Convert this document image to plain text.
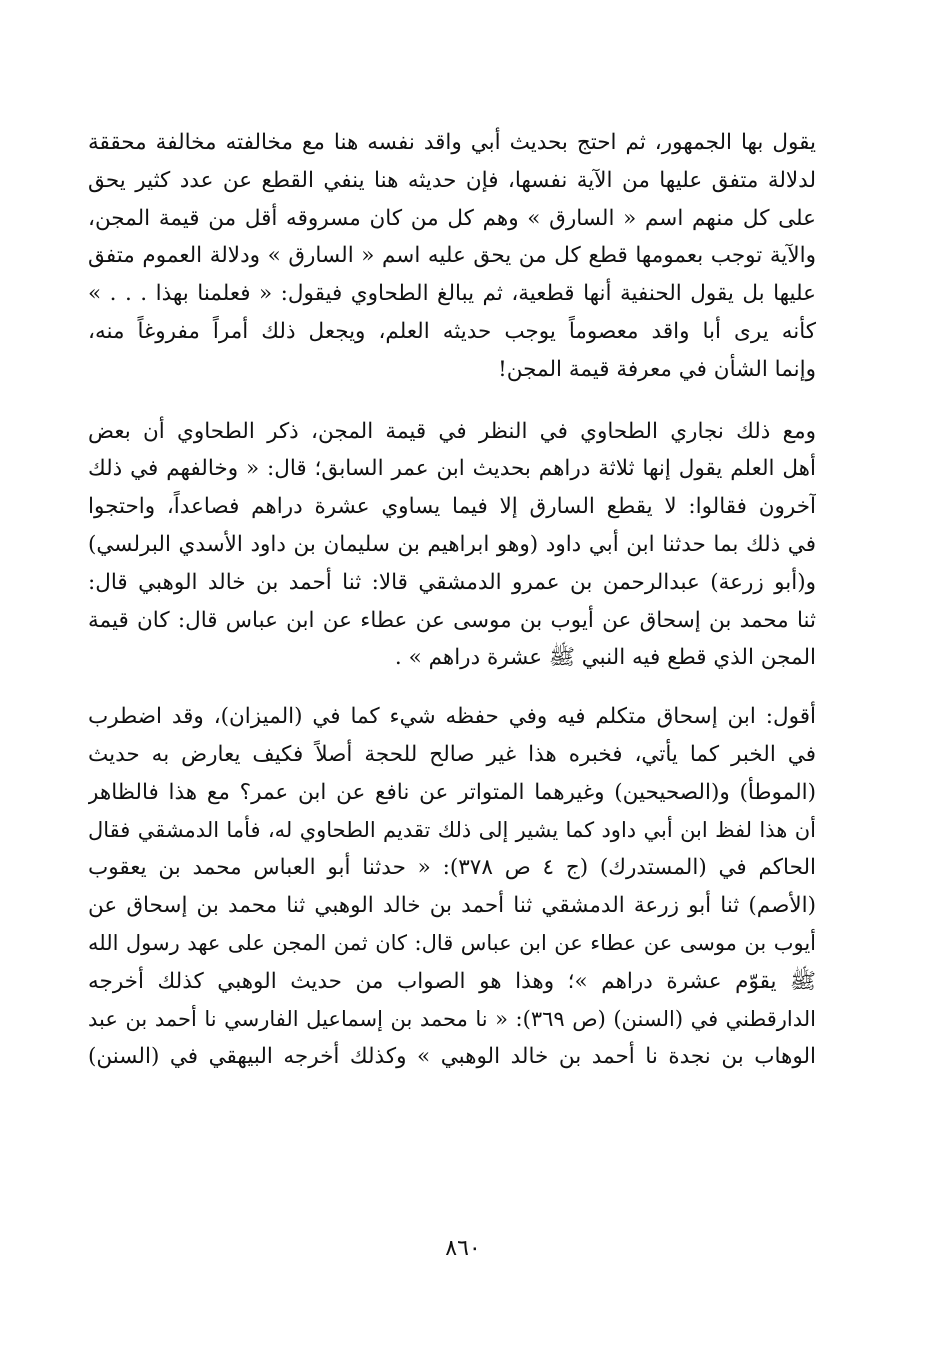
يقول بها الجمهور، ثم احتج بحديث أبي واقد نفسه هنا مع مخالفته مخالفة محققة
لدلالة متفق عليها من الآية نفسها، فإن حديثه هنا ينفي القطع عن عدد كثير يحق
على كل منهم اسم « السارق » وهم كل من كان مسروقه أقل من قيمة المجن،
والآية توجب بعمومها قطع كل من يحق عليه اسم « السارق » ودلالة العموم متفق
عليها بل يقول الحنفية أنها قطعية، ثم يبالغ الطحاوي فيقول: « فعلمنا بهذا . . . »
كأنه يرى أبا واقد معصوماً يوجب حديثه العلم، ويجعل ذلك أمراً مفروغاً منه،
وإنما الشأن في معرفة قيمة المجن!
ومع ذلك نجاري الطحاوي في النظر في قيمة المجن، ذكر الطحاوي أن بعض
أهل العلم يقول إنها ثلاثة دراهم بحديث ابن عمر السابق؛ قال: « وخالفهم في ذلك
آخرون فقالوا: لا يقطع السارق إلا فيما يساوي عشرة دراهم فصاعداً، واحتجوا
في ذلك بما حدثنا ابن أبي داود (وهو ابراهيم بن سليمان بن داود الأسدي البرلسي)
و(أبو زرعة) عبدالرحمن بن عمرو الدمشقي قالا: ثنا أحمد بن خالد الوهبي قال:
ثنا محمد بن إسحاق عن أيوب بن موسى عن عطاء عن ابن عباس قال: كان قيمة
المجن الذي قطع فيه النبي ﷺ عشرة دراهم » .
أقول: ابن إسحاق متكلم فيه وفي حفظه شيء كما في (الميزان)، وقد اضطرب
في الخبر كما يأتي، فخبره هذا غير صالح للحجة أصلاً فكيف يعارض به حديث
(الموطأ) و(الصحيحين) وغيرهما المتواتر عن نافع عن ابن عمر؟ مع هذا فالظاهر
أن هذا لفظ ابن أبي داود كما يشير إلى ذلك تقديم الطحاوي له، فأما الدمشقي فقال
الحاكم في (المستدرك) (ج ٤ ص ٣٧٨): « حدثنا أبو العباس محمد بن يعقوب
(الأصم) ثنا أبو زرعة الدمشقي ثنا أحمد بن خالد الوهبي ثنا محمد بن إسحاق عن
أيوب بن موسى عن عطاء عن ابن عباس قال: كان ثمن المجن على عهد رسول الله
ﷺ يقوّم عشرة دراهم »؛ وهذا هو الصواب من حديث الوهبي كذلك أخرجه
الدارقطني في (السنن) (ص ٣٦٩): « نا محمد بن إسماعيل الفارسي نا أحمد بن عبد
الوهاب بن نجدة نا أحمد بن خالد الوهبي » وكذلك أخرجه البيهقي في (السنن)
٨٦٠
